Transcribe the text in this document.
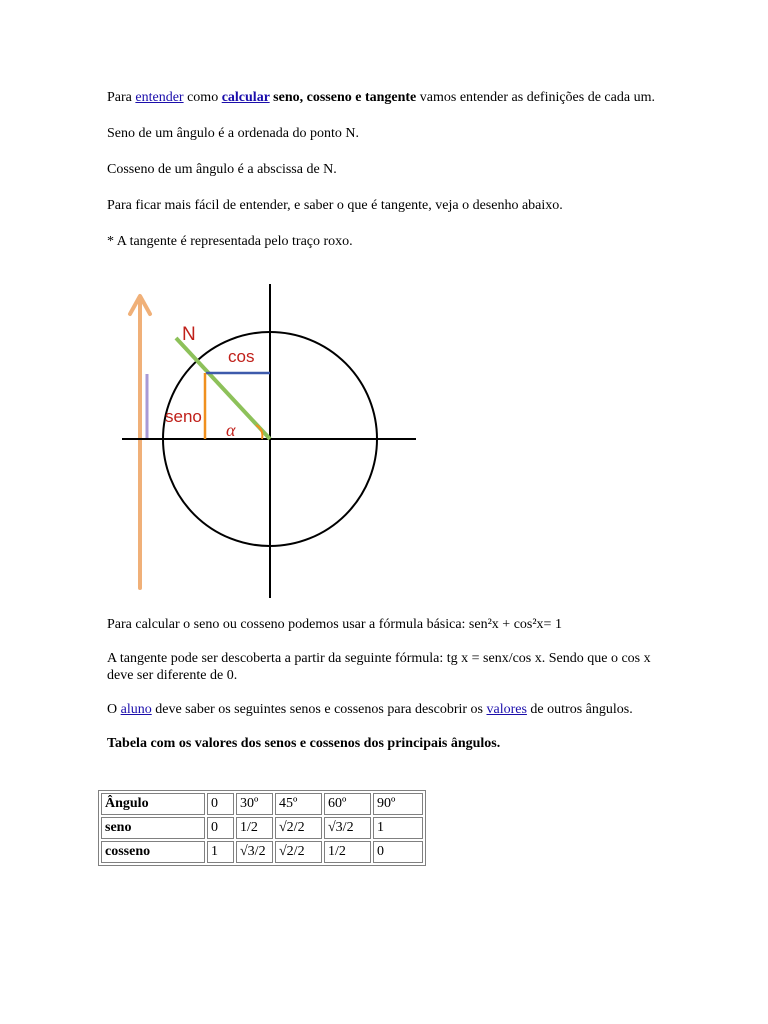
Para entender como calcular seno, cosseno e tangente vamos entender as definições de cada um.

Seno de um ângulo é a ordenada do ponto N.

Cosseno de um ângulo é a abscissa de N.

Para ficar mais fácil de entender, e saber o que é tangente, veja o desenho abaixo.

* A tangente é representada pelo traço roxo.

N
cos
seno
α

Para calcular o seno ou cosseno podemos usar a fórmula básica: sen²x + cos²x= 1

A tangente pode ser descoberta a partir da seguinte fórmula: tg x = senx/cos x. Sendo que o cos x deve ser diferente de 0.

O aluno deve saber os seguintes senos e cossenos para descobrir os valores de outros ângulos.

Tabela com os valores dos senos e cossenos dos principais ângulos.

Ângulo	0	30º	45º	60º	90º
seno	0	1/2	√2/2	√3/2	1
cosseno	1	√3/2	√2/2	1/2	0
